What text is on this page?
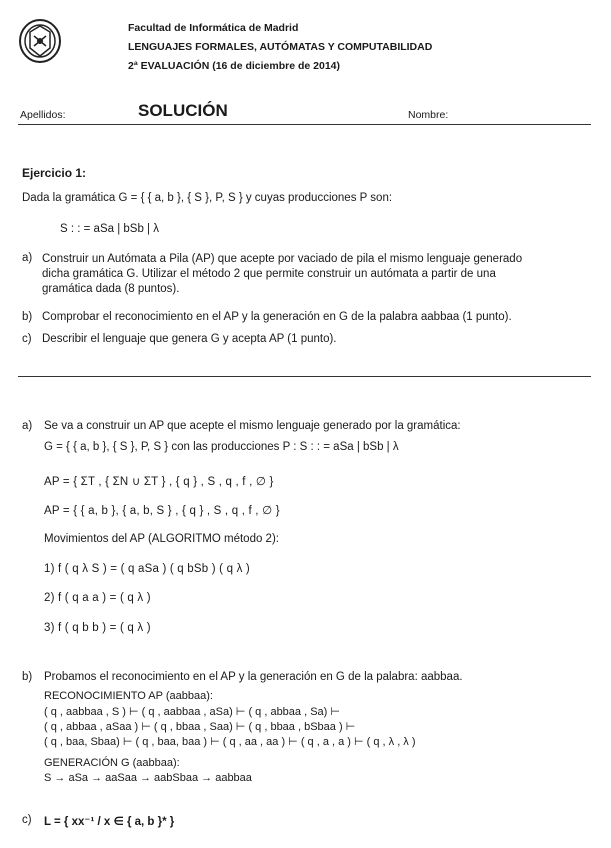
Facultad de Informática de Madrid
LENGUAJES FORMALES, AUTÓMATAS Y COMPUTABILIDAD
2ª EVALUACIÓN (16 de diciembre de 2014)
Apellidos:	SOLUCIÓN	Nombre:
Ejercicio 1:
Dada la gramática G = { { a, b }, { S }, P, S } y cuyas producciones P son:
S : : = aSa | bSb | λ
a) Construir un Autómata a Pila (AP) que acepte por vaciado de pila el mismo lenguaje generado
dicha gramática G. Utilizar el método 2 que permite construir un autómata a partir de una
gramática dada (8 puntos).
b) Comprobar el reconocimiento en el AP y la generación en G de la palabra aabbaa (1 punto).
c) Describir el lenguaje que genera G y acepta AP (1 punto).
a) Se va a construir un AP que acepte el mismo lenguaje generado por la gramática:
G = { { a, b }, { S }, P, S } con las producciones P : S : : = aSa | bSb | λ
AP = { ΣT , { ΣN ∪ ΣT } , { q } , S , q , f , ∅ }
AP = { { a, b }, { a, b, S } , { q } , S , q , f , ∅ }
Movimientos del AP (ALGORITMO método 2):
1) f ( q λ S ) = ( q aSa ) ( q bSb ) ( q λ )
2) f ( q a a ) = ( q λ )
3) f ( q b b ) = ( q λ )
b) Probamos el reconocimiento en el AP y la generación en G de la palabra: aabbaa.
RECONOCIMIENTO AP (aabbaa):
( q , aabbaa , S ) ⊢ ( q , aabbaa , aSa) ⊢ ( q , abbaa , Sa) ⊢
( q , abbaa , aSaa ) ⊢ ( q , bbaa , Saa) ⊢ ( q , bbaa , bSbaa ) ⊢
( q , baa, Sbaa) ⊢ ( q , baa, baa ) ⊢ ( q , aa , aa ) ⊢ ( q , a , a ) ⊢ ( q , λ , λ )
GENERACIÓN G (aabbaa):
S → aSa → aaSaa → aabSbaa → aabbaa
c) L = { xx⁻¹ / x ∈ { a, b }* }
